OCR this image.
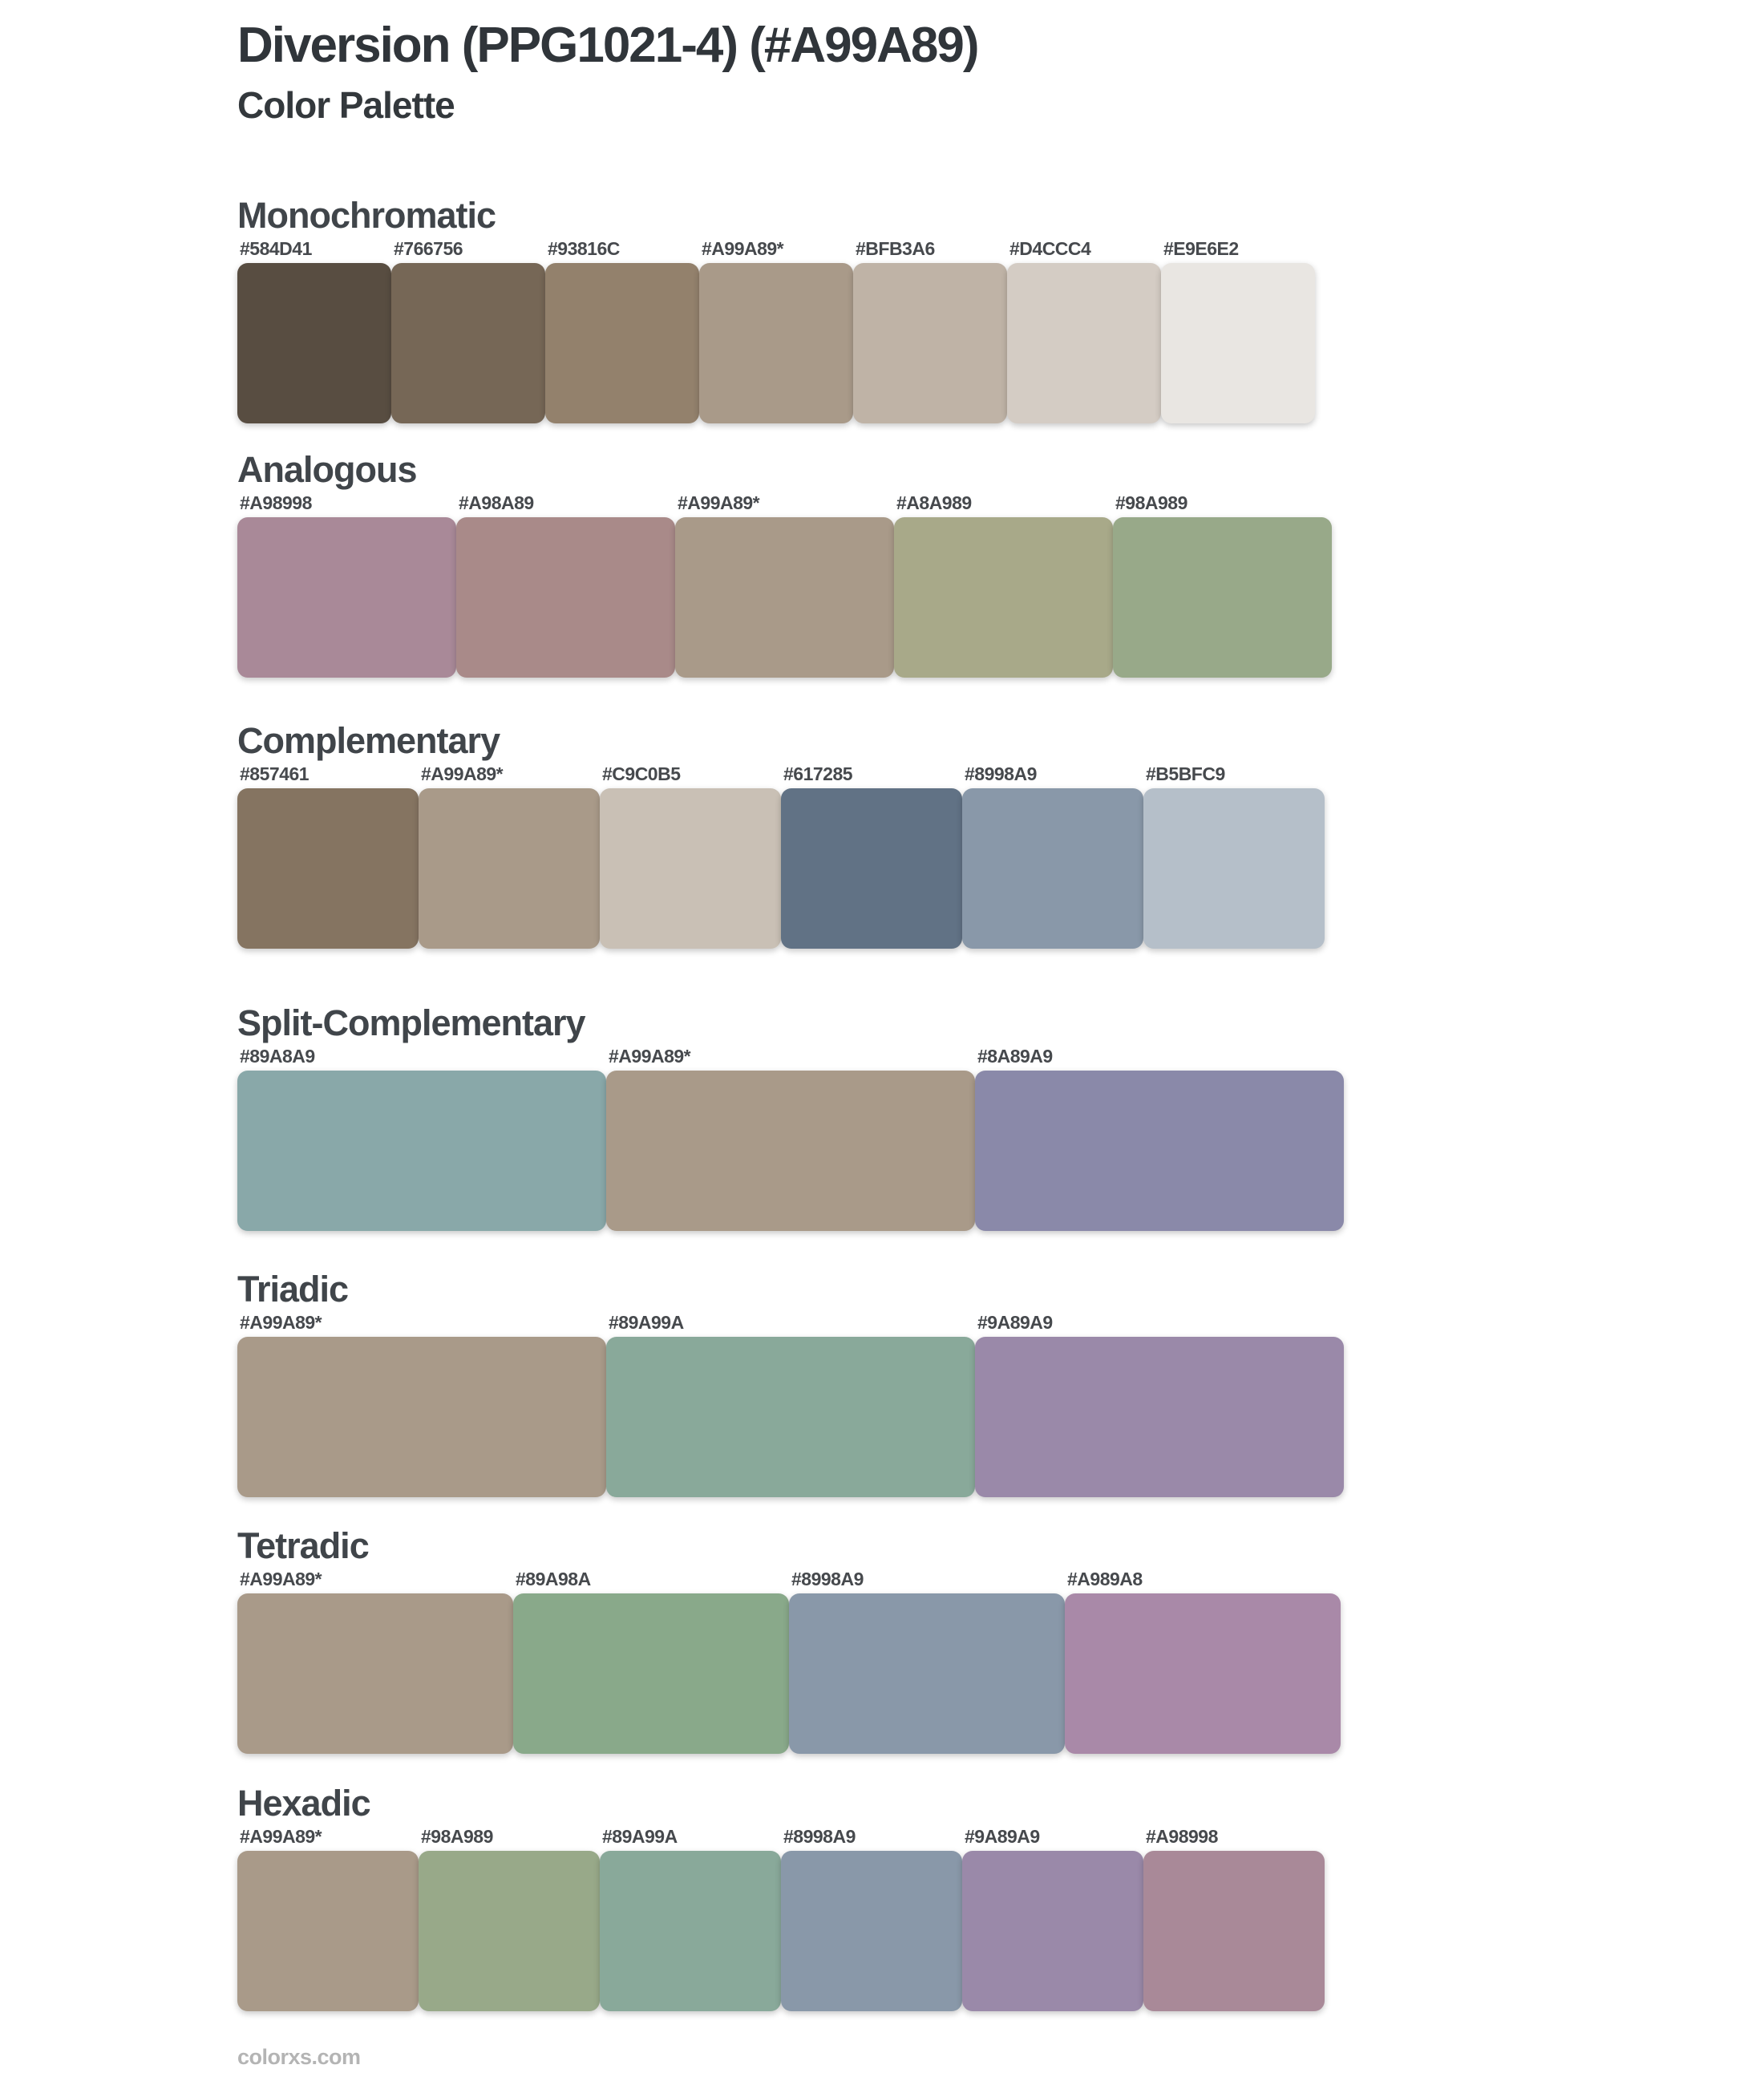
Diversion (PPG1021-4) (#A99A89)
Color Palette
Monochromatic
#584D41	#766756	#93816C	#A99A89*	#BFB3A6	#D4CCC4	#E9E6E2
Analogous
#A98998	#A98A89	#A99A89*	#A8A989	#98A989
Complementary
#857461	#A99A89*	#C9C0B5	#617285	#8998A9	#B5BFC9
Split-Complementary
#89A8A9	#A99A89*	#8A89A9
Triadic
#A99A89*	#89A99A	#9A89A9
Tetradic
#A99A89*	#89A98A	#8998A9	#A989A8
Hexadic
#A99A89*	#98A989	#89A99A	#8998A9	#9A89A9	#A98998
colorxs.com
